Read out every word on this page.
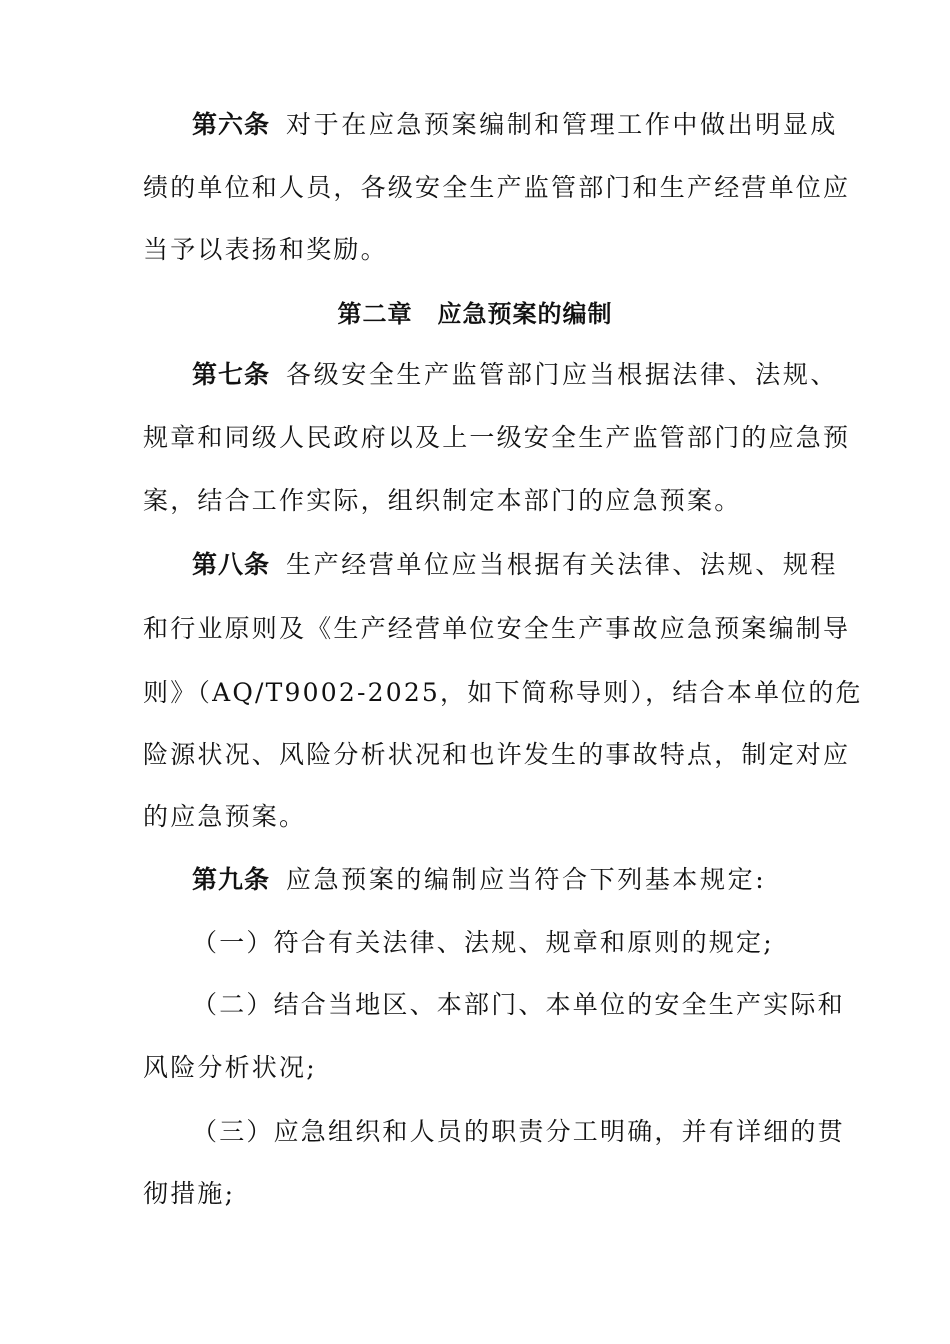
第六条 对于在应急预案编制和管理工作中做出明显成
绩的单位和人员，各级安全生产监管部门和生产经营单位应
当予以表扬和奖励。
第二章　应急预案的编制
第七条 各级安全生产监管部门应当根据法律、法规、
规章和同级人民政府以及上一级安全生产监管部门的应急预
案，结合工作实际，组织制定本部门的应急预案。
第八条 生产经营单位应当根据有关法律、法规、规程
和行业原则及《生产经营单位安全生产事故应急预案编制导
则》（AQ/T9002-2025，如下简称导则），结合本单位的危
险源状况、风险分析状况和也许发生的事故特点，制定对应
的应急预案。
第九条 应急预案的编制应当符合下列基本规定:
（一）符合有关法律、法规、规章和原则的规定;
（二）结合当地区、本部门、本单位的安全生产实际和
风险分析状况;
（三）应急组织和人员的职责分工明确，并有详细的贯
彻措施;
